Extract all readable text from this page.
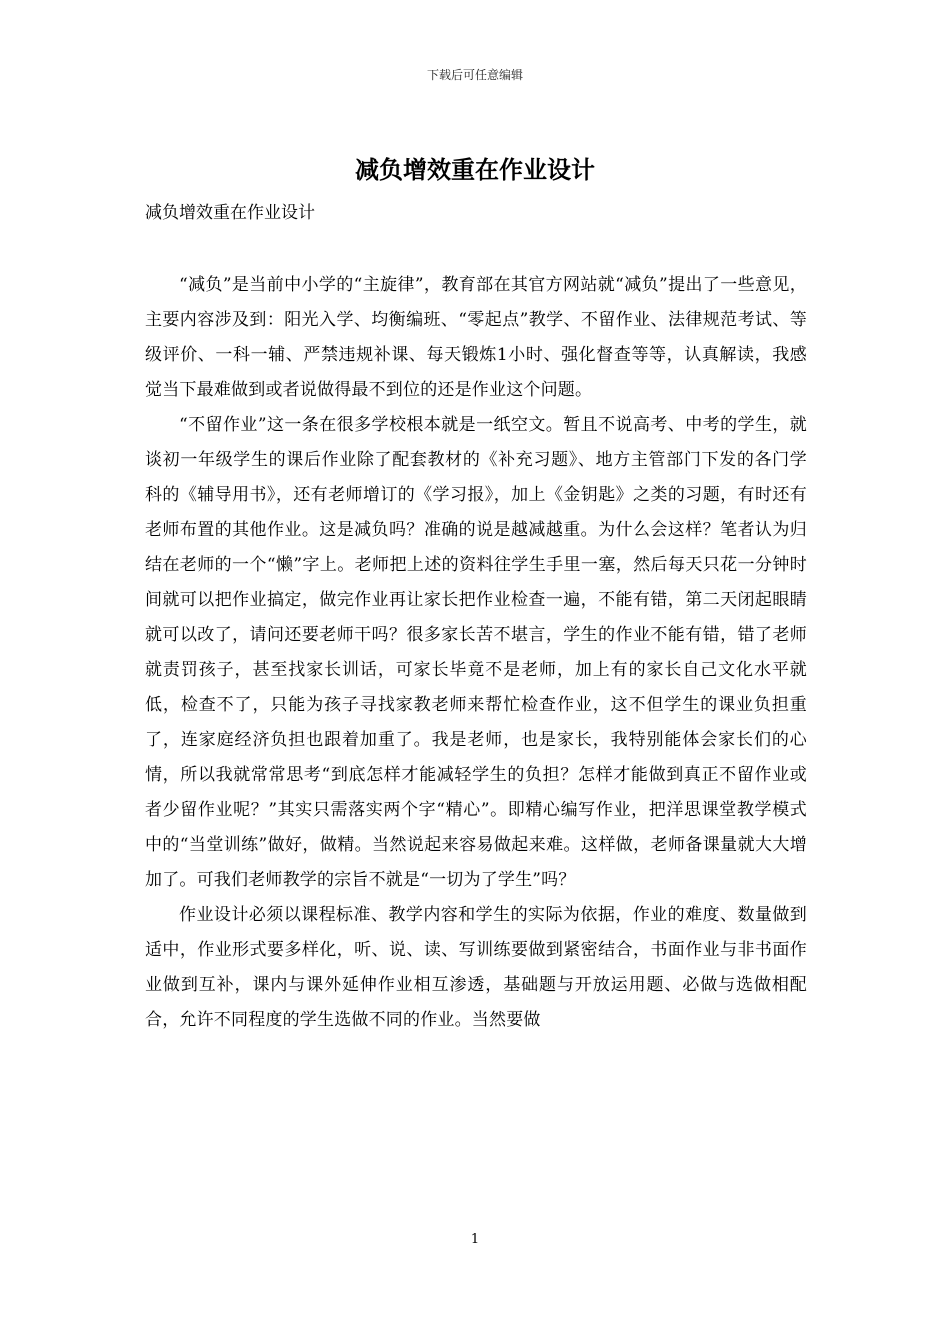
下载后可任意编辑
减负增效重在作业设计

减负增效重在作业设计

“减负”是当前中小学的“主旋律”，教育部在其官方网站就“减负”提出了一些意见，主要内容涉及到：阳光入学、均衡编班、“零起点”教学、不留作业、法律规范考试、等级评价、一科一辅、严禁违规补课、每天锻炼1小时、强化督查等等，认真解读，我感觉当下最难做到或者说做得最不到位的还是作业这个问题。

“不留作业”这一条在很多学校根本就是一纸空文。暂且不说高考、中考的学生，就谈初一年级学生的课后作业除了配套教材的《补充习题》、地方主管部门下发的各门学科的《辅导用书》，还有老师增订的《学习报》，加上《金钥匙》之类的习题，有时还有老师布置的其他作业。这是减负吗？准确的说是越减越重。为什么会这样？笔者认为归结在老师的一个“懒”字上。老师把上述的资料往学生手里一塞，然后每天只花一分钟时间就可以把作业搞定，做完作业再让家长把作业检查一遍，不能有错，第二天闭起眼睛就可以改了，请问还要老师干吗？很多家长苦不堪言，学生的作业不能有错，错了老师就责罚孩子，甚至找家长训话，可家长毕竟不是老师，加上有的家长自己文化水平就低，检查不了，只能为孩子寻找家教老师来帮忙检查作业，这不但学生的课业负担重了，连家庭经济负担也跟着加重了。我是老师，也是家长，我特别能体会家长们的心情，所以我就常常思考“到底怎样才能减轻学生的负担？怎样才能做到真正不留作业或者少留作业呢？”其实只需落实两个字“精心”。即精心编写作业，把洋思课堂教学模式中的“当堂训练”做好，做精。当然说起来容易做起来难。这样做，老师备课量就大大增加了。可我们老师教学的宗旨不就是“一切为了学生”吗？

作业设计必须以课程标准、教学内容和学生的实际为依据，作业的难度、数量做到适中，作业形式要多样化，听、说、读、写训练要做到紧密结合，书面作业与非书面作业做到互补，课内与课外延伸作业相互渗透，基础题与开放运用题、必做与选做相配合，允许不同程度的学生选做不同的作业。当然要做

1
